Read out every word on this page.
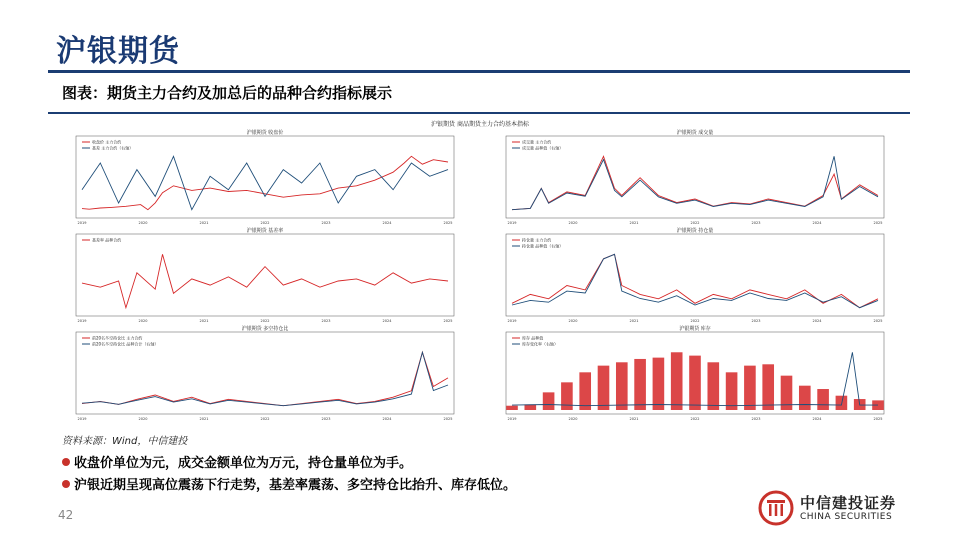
沪银期货
图表：期货主力合约及加总后的品种合约指标展示
沪银期货 商品期货主力合约基本指标
沪银期货 收盘价
2019	2020	2021	2022	2023	2024	2025
收盘价 主力合约
基差 主力合约（右轴）
沪银期货 成交量
2019	2020	2021	2022	2023	2024	2025
成交量 主力合约
成交量 品种值（右轴）
沪银期货 基差率
2019	2020	2021	2022	2023	2024	2025
基差率 品种合约
沪银期货 持仓量
2019	2020	2021	2022	2023	2024	2025
持仓量 主力合约
持仓量 品种值（右轴）
沪银期货 多空持仓比
2019	2020	2021	2022	2023	2024	2025
前20名多空持仓比 主力合约
前20名多空持仓比 品种合计（右轴）
沪银期货 库存
2019	2020	2021	2022	2023	2024	2025
库存 品种值
库存变化率（右轴）
资料来源：Wind，中信建投
收盘价单位为元，成交金额单位为万元，持仓量单位为手。
沪银近期呈现高位震荡下行走势，基差率震荡、多空持仓比抬升、库存低位。
42
中信建投证券
CHINA SECURITIES
